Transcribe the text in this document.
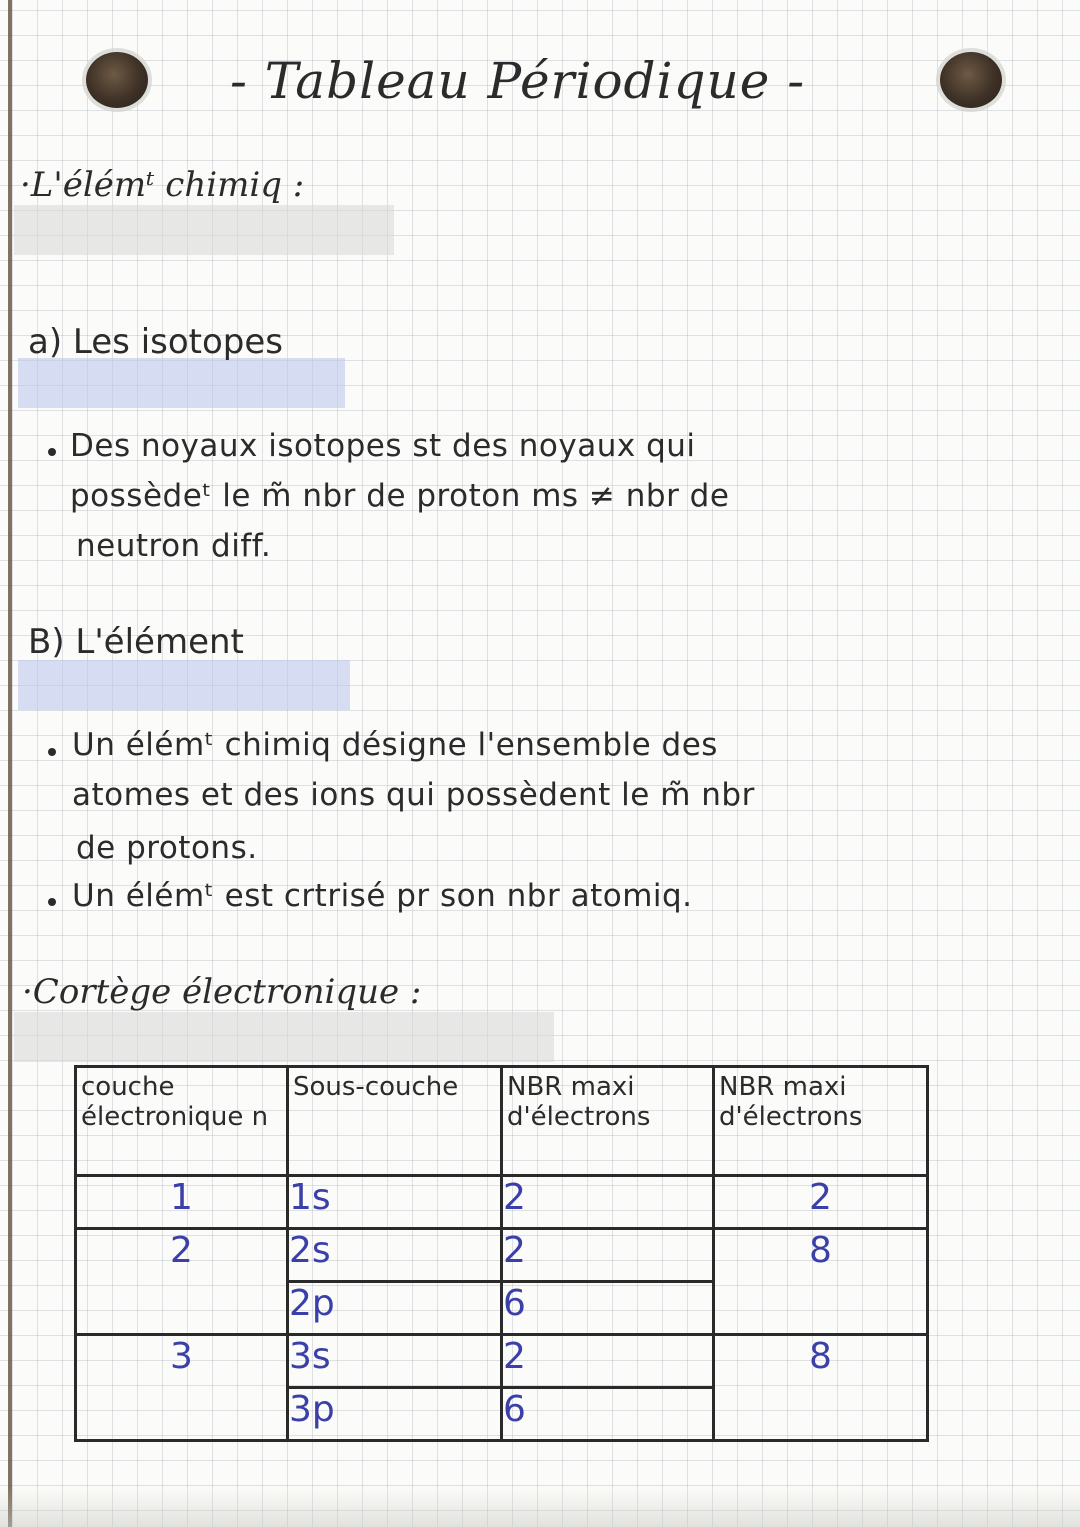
- Tableau Périodique -
·L'élémᵗ chimiq :
a) Les isotopes
Des noyaux isotopes st des noyaux qui
possèdeᵗ le m̃ nbr de proton ms ≠ nbr de
neutron diff.
B) L'élément
Un élémᵗ chimiq désigne l'ensemble des
atomes et des ions qui possèdent le m̃ nbr
de protons.
Un élémᵗ est crtrisé pr son nbr atomiq.
·Cortège électronique :
couche électronique n	Sous-couche	NBR maxi d'électrons	NBR maxi d'électrons
1	1s	2	2
2	2s	2	8
	2p	6	
3	3s	2	8
	3p	6	
